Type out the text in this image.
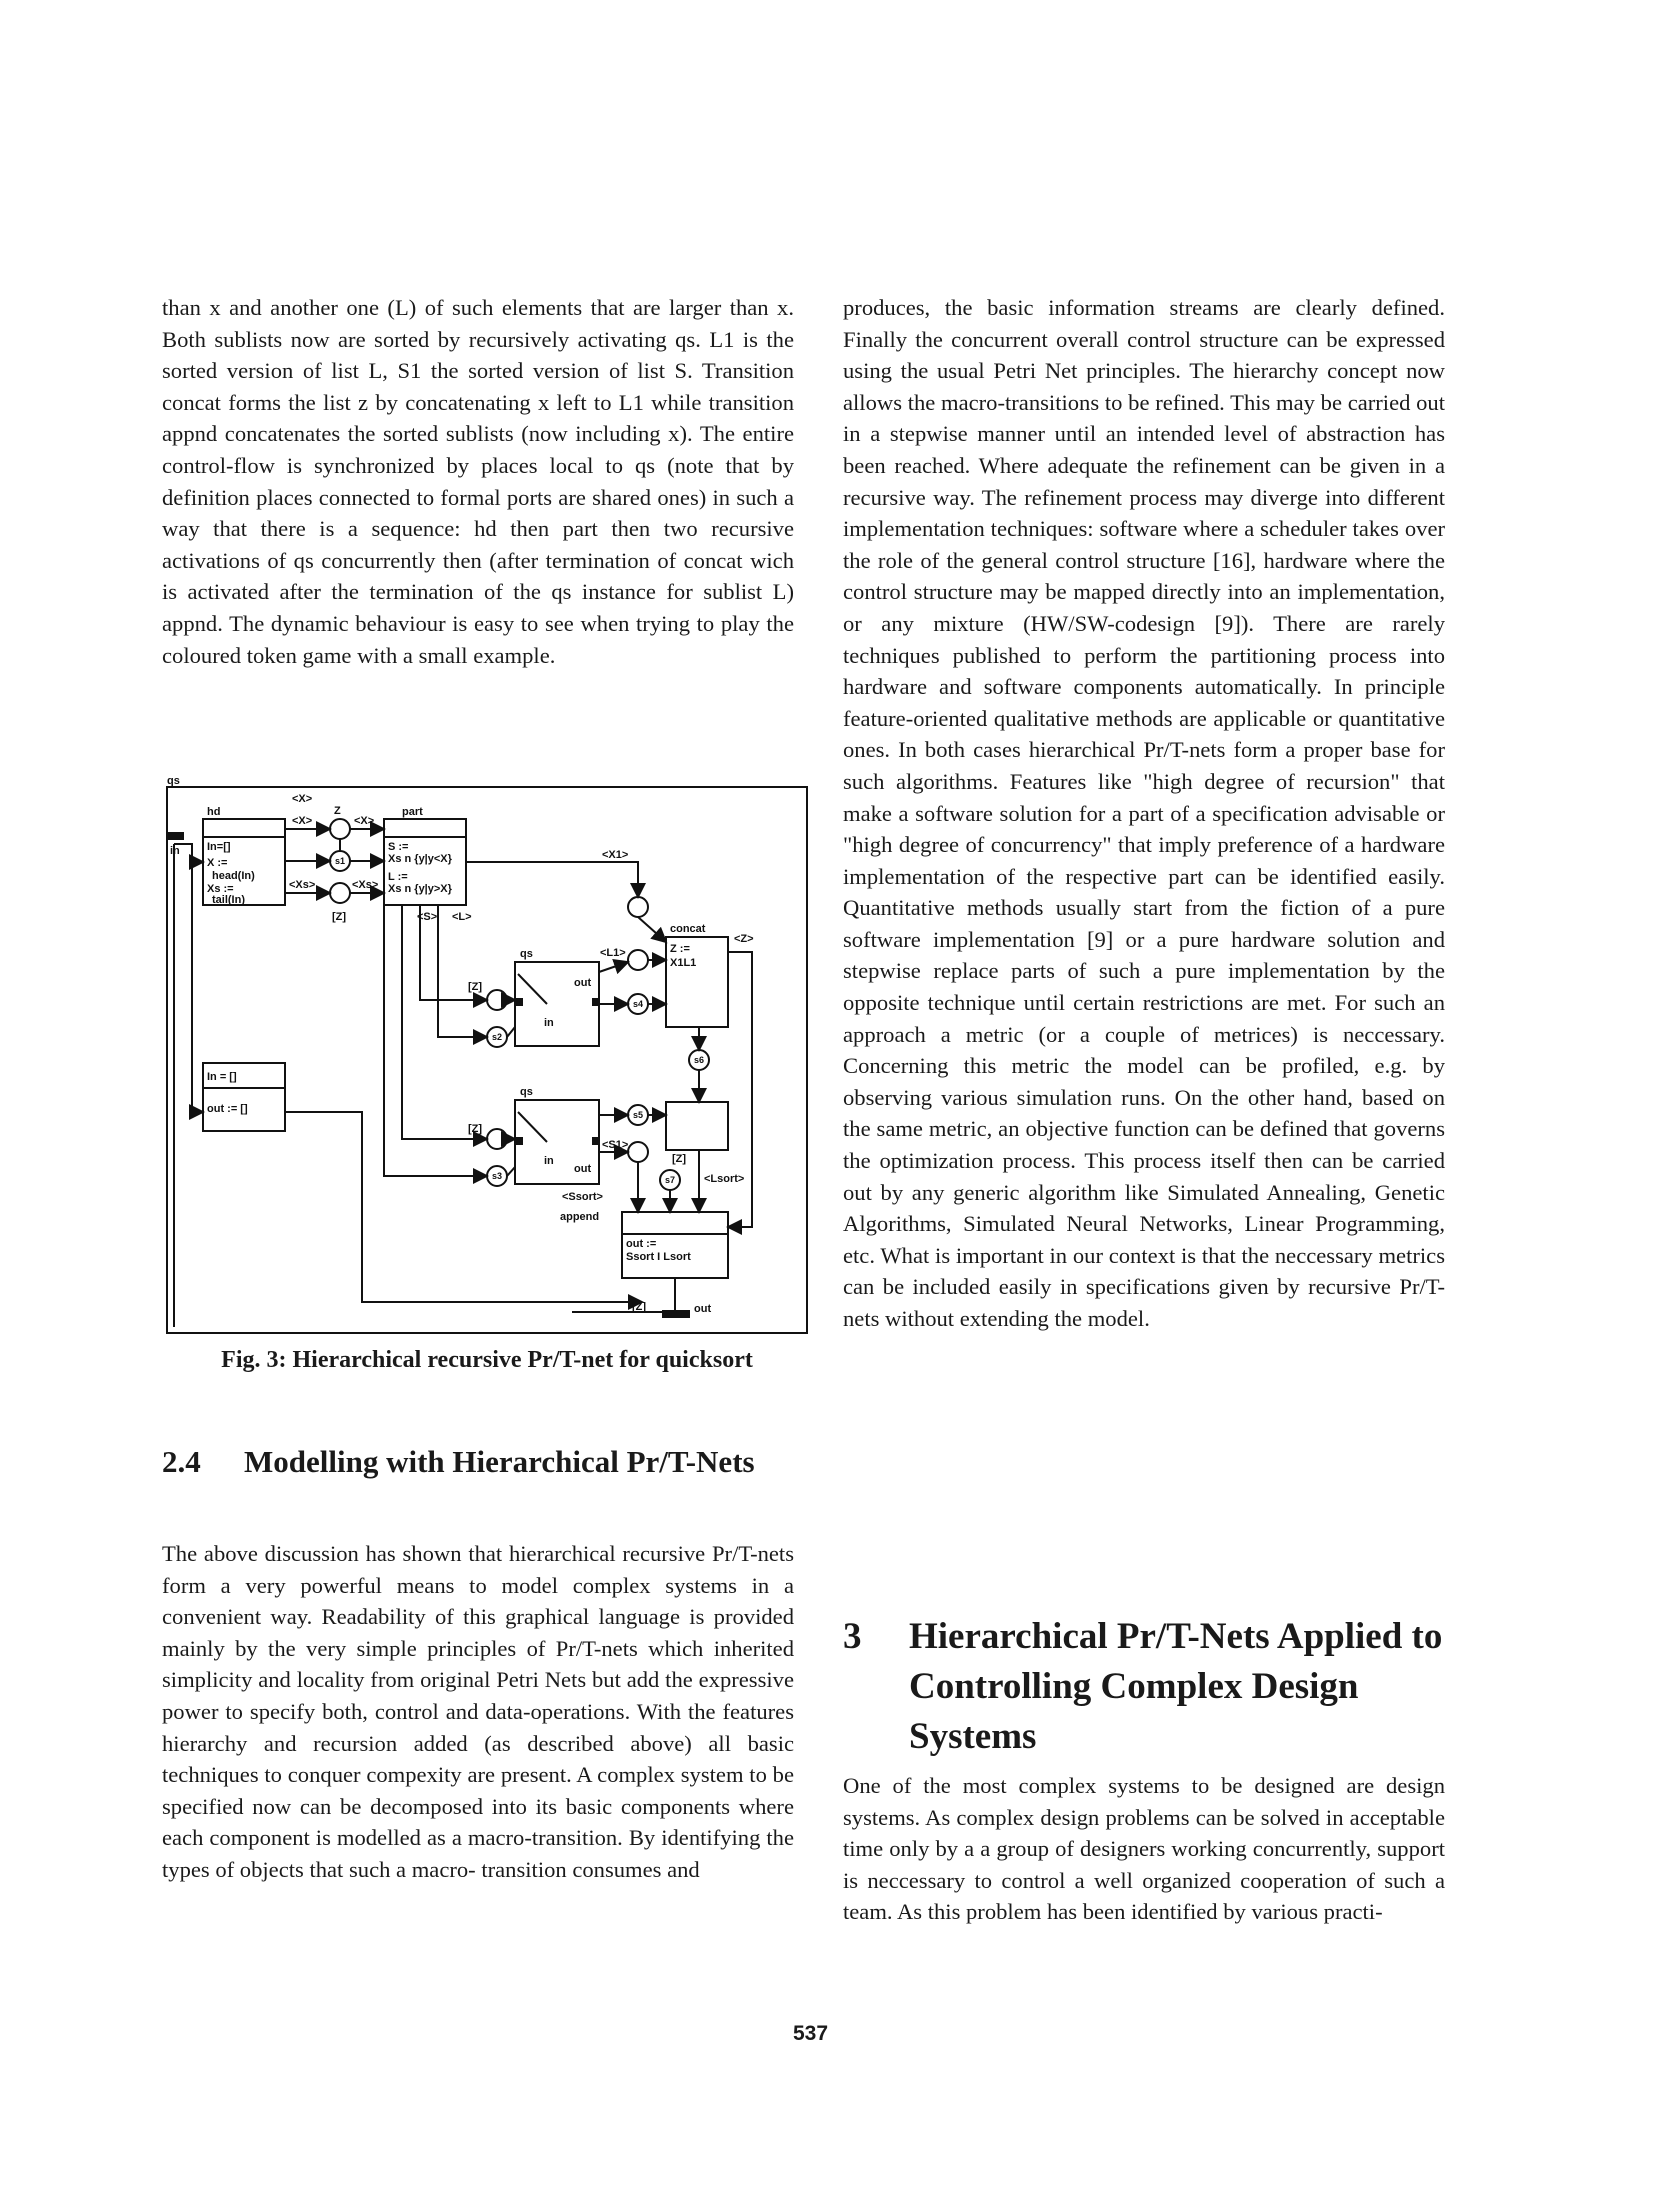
than x and another one (L) of such elements that are larger than x. Both sublists now are sorted by recursively activating qs. L1 is the sorted version of list L, S1 the sorted version of list S. Transition concat forms the list z by concatenating x left to L1 while transition appnd concatenates the sorted sublists (now including x). The entire control-flow is synchronized by places local to qs (note that by definition places connected to formal ports are shared ones) in such a way that there is a sequence: hd then part then two recursive activations of qs concurrently then (after termination of concat wich is activated after the termination of the qs instance for sublist L) appnd. The dynamic behaviour is easy to see when trying to play the coloured token game with a small example.

qs
hd
In=[]
X :=
head(In)
Xs :=
tail(In)
part
S :=
Xs n {y|y<X}
L :=
Xs n {y|y>X}
concat
Z :=
X1L1
append
out :=
Ssort I Lsort
In = []
out := []
<X>
<X>
Z
<X>
<Xs>	<Xs>
<S> <L>
<X1>
<L1>
<Z>
<S1>
<Ssort>
<Lsort>
[Z]
[Z]
[Z]
[Z]
in
out
[Z]
qs
in
out
qs
in
out
s1
s2
s3
s4
s5
s6
s7
Fig. 3: Hierarchical recursive Pr/T-net for quicksort
2.4	Modelling with Hierarchical Pr/T-Nets

The above discussion has shown that hierarchical recursive Pr/T-nets form a very powerful means to model complex systems in a convenient way. Readability of this graphical language is provided mainly by the very simple principles of Pr/T-nets which inherited simplicity and locality from original Petri Nets but add the expressive power to specify both, control and data-operations. With the features hierarchy and recursion added (as described above) all basic techniques to conquer compexity are present. A complex system to be specified now can be decomposed into its basic components where each component is modelled as a macro-transition. By identifying the types of objects that such a macro- transition consumes and

produces, the basic information streams are clearly defined. Finally the concurrent overall control structure can be expressed using the usual Petri Net principles. The hierarchy concept now allows the macro-transitions to be refined. This may be carried out in a stepwise manner until an intended level of abstraction has been reached. Where adequate the refinement can be given in a recursive way. The refinement process may diverge into different implementation techniques: software where a scheduler takes over the role of the general control structure [16], hardware where the control structure may be mapped directly into an implementation, or any mixture (HW/SW-codesign [9]). There are rarely techniques published to perform the partitioning process into hardware and software components automatically. In principle feature-oriented qualitative methods are applicable or quantitative ones. In both cases hierarchical Pr/T-nets form a proper base for such algorithms. Features like "high degree of recursion" that make a software solution for a part of a specification advisable or "high degree of concurrency" that imply preference of a hardware implementation of the respective part can be identified easily. Quantitative methods usually start from the fiction of a pure software implementation [9] or a pure hardware solution and stepwise replace parts of such a pure implementation by the opposite technique until certain restrictions are met. For such an approach a metric (or a couple of metrices) is neccessary. Concerning this metric the model can be profiled, e.g. by observing various simulation runs. On the other hand, based on the same metric, an objective function can be defined that governs the optimization process. This process itself then can be carried out by any generic algorithm like Simulated Annealing, Genetic Algorithms, Simulated Neural Networks, Linear Programming, etc. What is important in our context is that the neccessary metrics can be included easily in specifications given by recursive Pr/T-nets without extending the model.

3	Hierarchical Pr/T-Nets Applied to Controlling Complex Design Systems

One of the most complex systems to be designed are design systems. As complex design problems can be solved in acceptable time only by a a group of designers working concurrently, support is neccessary to control a well organized cooperation of such a team. As this problem has been identified by various practi-

537
